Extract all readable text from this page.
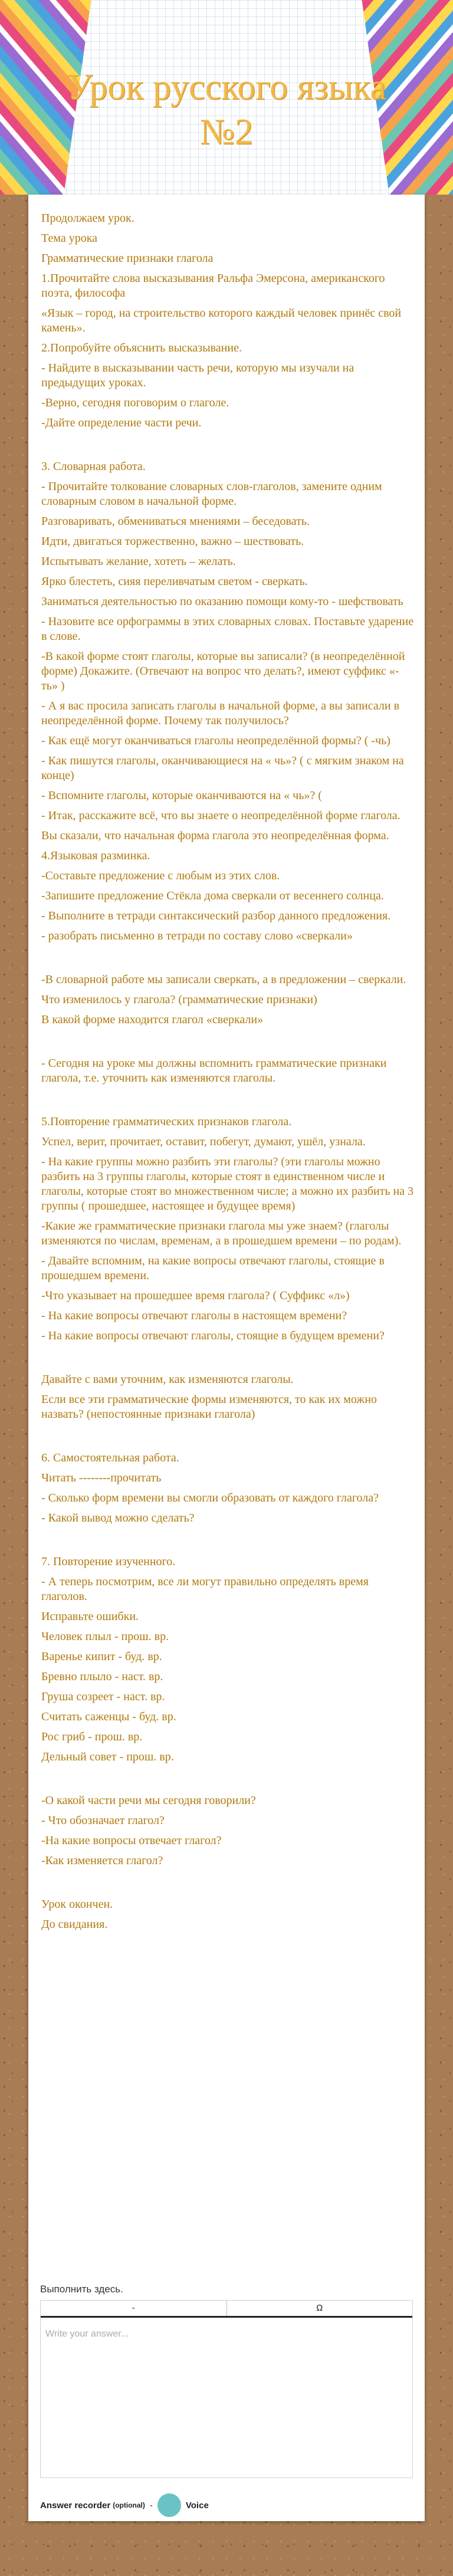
Урок русского языка №2

Продолжаем урок.

Тема урока

Грамматические признаки глагола

1.Прочитайте слова высказывания Ральфа Эмерсона, американского поэта, философа

«Язык – город, на строительство которого каждый человек принёс свой камень».

2.Попробуйте объяснить высказывание.

- Найдите в высказывании часть речи, которую мы изучали на предыдущих уроках.

-Верно, сегодня поговорим о глаголе.

-Дайте определение части речи.

3. Словарная работа.

- Прочитайте толкование словарных слов-глаголов, замените одним словарным словом в начальной форме.

Разговаривать, обмениваться мнениями – беседовать.

Идти, двигаться торжественно, важно – шествовать.

Испытывать желание, хотеть – желать.

Ярко блестеть, сияя переливчатым светом - сверкать.

Заниматься деятельностью по оказанию помощи кому-то - шефствовать

- Назовите все орфограммы в этих словарных словах. Поставьте ударение в слове.

-В какой форме стоят глаголы, которые вы записали? (в неопределённой форме) Докажите. (Отвечают на вопрос что делать?, имеют суффикс «- ть» )

- А я вас просила записать глаголы в начальной форме, а вы записали в неопределённой форме. Почему так получилось?

- Как ещё могут оканчиваться глаголы неопределённой формы? ( -чь)

- Как пишутся глаголы, оканчивающиеся на « чь»? ( с мягким знаком на конце)

- Вспомните глаголы, которые оканчиваются на « чь»? (

- Итак, расскажите всё, что вы знаете о неопределённой форме глагола.

Вы сказали, что начальная форма глагола это неопределённая форма.

4.Языковая разминка.

-Составьте предложение с любым из этих слов.

-Запишите предложение Стёкла дома сверкали от весеннего солнца.

- Выполните в тетради синтаксический разбор данного предложения.

- разобрать письменно в тетради по составу слово «сверкали»

-В словарной работе мы записали сверкать, а в предложении – сверкали.

Что изменилось у глагола? (грамматические признаки)

В какой форме находится глагол «сверкали»

- Сегодня на уроке мы должны вспомнить грамматические признаки глагола, т.е. уточнить как изменяются глаголы.

5.Повторение грамматических признаков глагола.

Успел, верит, прочитает, оставит, побегут, думают, ушёл, узнала.

- На какие группы можно разбить эти глаголы? (эти глаголы можно разбить на 3 группы глаголы, которые стоят в единственном числе и глаголы, которые стоят во множественном числе; а можно их разбить на 3 группы ( прошедшее, настоящее и будущее время)

-Какие же грамматические признаки глагола мы уже знаем? (глаголы изменяются по числам, временам, а в прошедшем времени – по родам).

- Давайте вспомним, на какие вопросы отвечают глаголы, стоящие в прошедшем времени.

-Что указывает на прошедшее время глагола? ( Суффикс «л»)

- На какие вопросы отвечают глаголы в настоящем времени?

- На какие вопросы отвечают глаголы, стоящие в будущем времени?

Давайте с вами уточним, как изменяются глаголы.

Если все эти грамматические формы изменяются, то как их можно назвать? (непостоянные признаки глагола)

6. Самостоятельная работа.

Читать --------прочитать

- Сколько форм времени вы смогли образовать от каждого глагола?

- Какой вывод можно сделать?

7. Повторение изученного.

- А теперь посмотрим, все ли могут правильно определять время глаголов.

Исправьте ошибки.

Человек плыл - прош. вр.

Варенье кипит - буд. вр.

Бревно плыло - наст. вр.

Груша созреет - наст. вр.

Считать саженцы - буд. вр.

Рос гриб - прош. вр.

Дельный совет - прош. вр.

-О какой части речи мы сегодня говорили?

- Что обозначает глагол?

-На какие вопросы отвечает глагол?

-Как изменяется глагол?

Урок окончен.

До свидания.

Выполнить здесь.
-	Ω
Write your answer...
Answer recorder (optional) -	Voice
